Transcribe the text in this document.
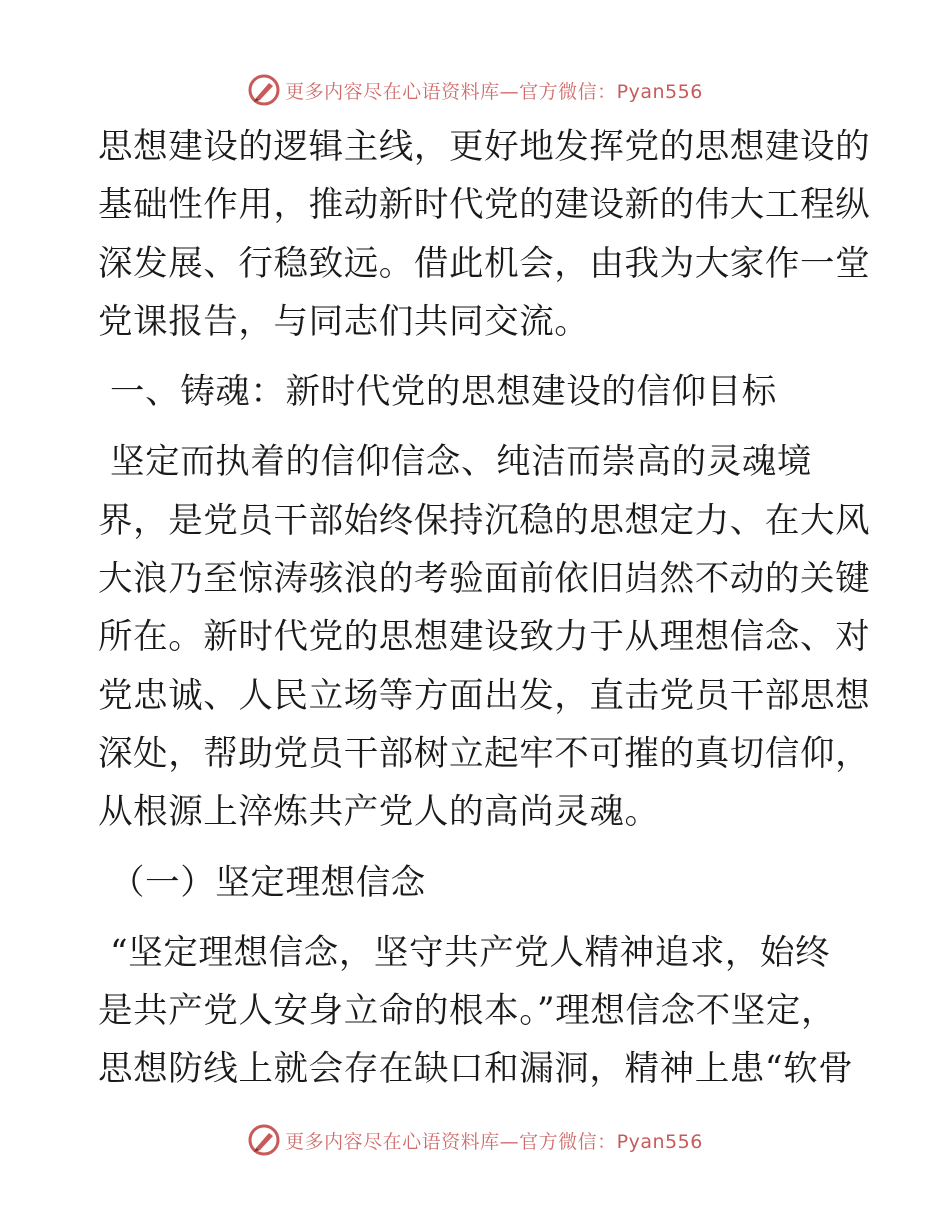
更多内容尽在心语资料库—官方微信：Pyan556

思想建设的逻辑主线，更好地发挥党的思想建设的

基础性作用，推动新时代党的建设新的伟大工程纵

深发展、行稳致远。借此机会，由我为大家作一堂

党课报告，与同志们共同交流。

一、铸魂：新时代党的思想建设的信仰目标

坚定而执着的信仰信念、纯洁而崇高的灵魂境

界，是党员干部始终保持沉稳的思想定力、在大风

大浪乃至惊涛骇浪的考验面前依旧岿然不动的关键

所在。新时代党的思想建设致力于从理想信念、对

党忠诚、人民立场等方面出发，直击党员干部思想

深处，帮助党员干部树立起牢不可摧的真切信仰，

从根源上淬炼共产党人的高尚灵魂。

（一）坚定理想信念

“坚定理想信念，坚守共产党人精神追求，始终

是共产党人安身立命的根本。”理想信念不坚定，

思想防线上就会存在缺口和漏洞，精神上患“软骨

更多内容尽在心语资料库—官方微信：Pyan556
